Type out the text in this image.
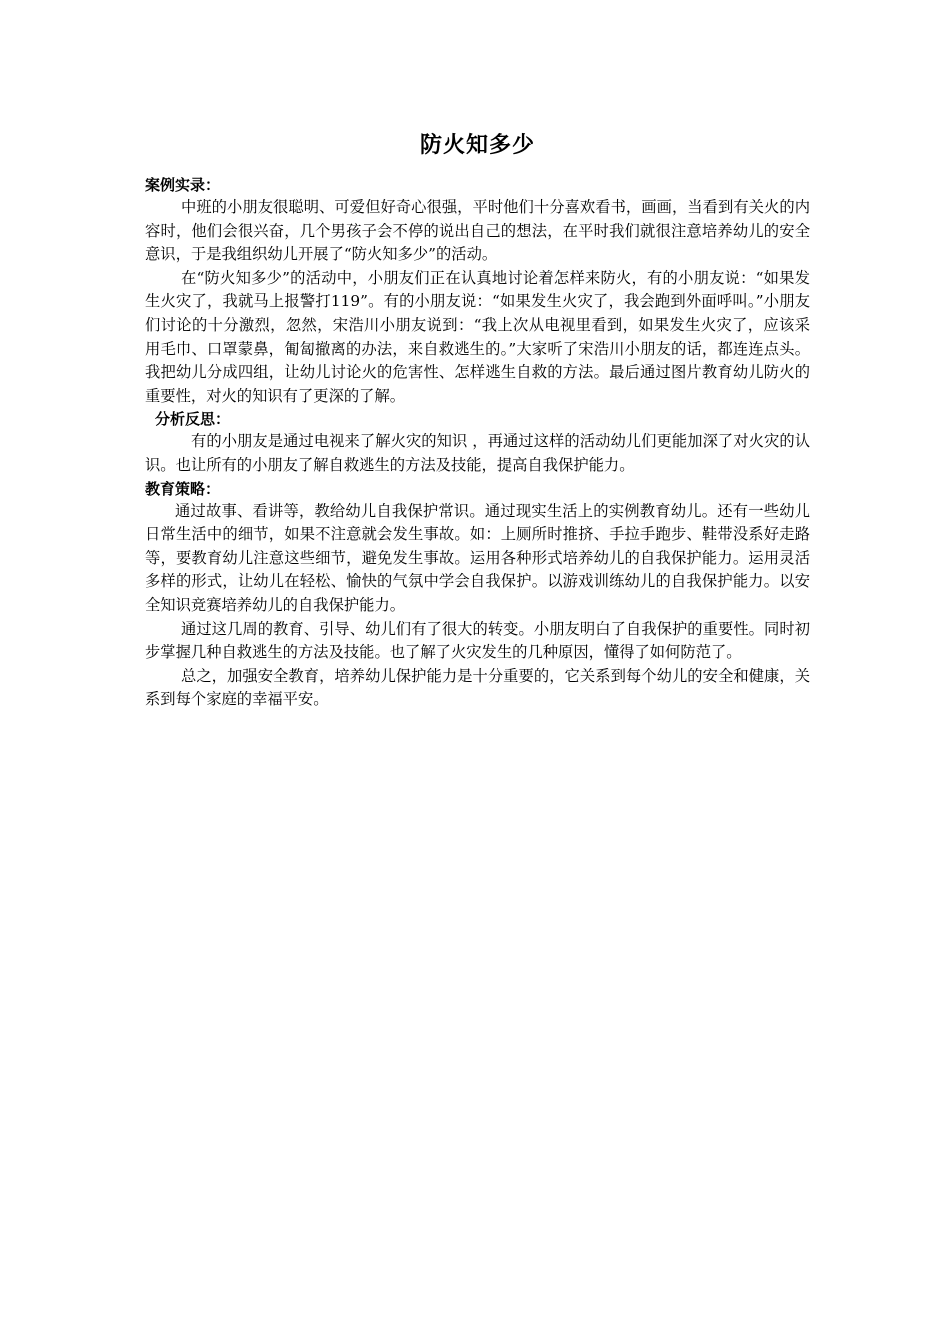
防火知多少
案例实录：

中班的小朋友很聪明、可爱但好奇心很强，平时他们十分喜欢看书，画画，当看到有关火的内容时，他们会很兴奋，几个男孩子会不停的说出自己的想法，在平时我们就很注意培养幼儿的安全意识，于是我组织幼儿开展了“防火知多少”的活动。

在“防火知多少”的活动中，小朋友们正在认真地讨论着怎样来防火，有的小朋友说：“如果发生火灾了，我就马上报警打119”。有的小朋友说：“如果发生火灾了，我会跑到外面呼叫。”小朋友们讨论的十分激烈，忽然，宋浩川小朋友说到：“我上次从电视里看到，如果发生火灾了，应该采用毛巾、口罩蒙鼻，匍匐撤离的办法，来自救逃生的。”大家听了宋浩川小朋友的话，都连连点头。我把幼儿分成四组，让幼儿讨论火的危害性、怎样逃生自救的方法。最后通过图片教育幼儿防火的重要性，对火的知识有了更深的了解。

分析反思：

有的小朋友是通过电视来了解火灾的知识 ，再通过这样的活动幼儿们更能加深了对火灾的认识。也让所有的小朋友了解自救逃生的方法及技能，提高自我保护能力。

教育策略：

通过故事、看讲等，教给幼儿自我保护常识。通过现实生活上的实例教育幼儿。还有一些幼儿日常生活中的细节，如果不注意就会发生事故。如：上厕所时推挤、手拉手跑步、鞋带没系好走路等，要教育幼儿注意这些细节，避免发生事故。运用各种形式培养幼儿的自我保护能力。运用灵活多样的形式，让幼儿在轻松、愉快的气氛中学会自我保护。以游戏训练幼儿的自我保护能力。以安全知识竞赛培养幼儿的自我保护能力。

通过这几周的教育、引导、幼儿们有了很大的转变。小朋友明白了自我保护的重要性。同时初步掌握几种自救逃生的方法及技能。也了解了火灾发生的几种原因，懂得了如何防范了。

总之，加强安全教育，培养幼儿保护能力是十分重要的，它关系到每个幼儿的安全和健康，关系到每个家庭的幸福平安。
